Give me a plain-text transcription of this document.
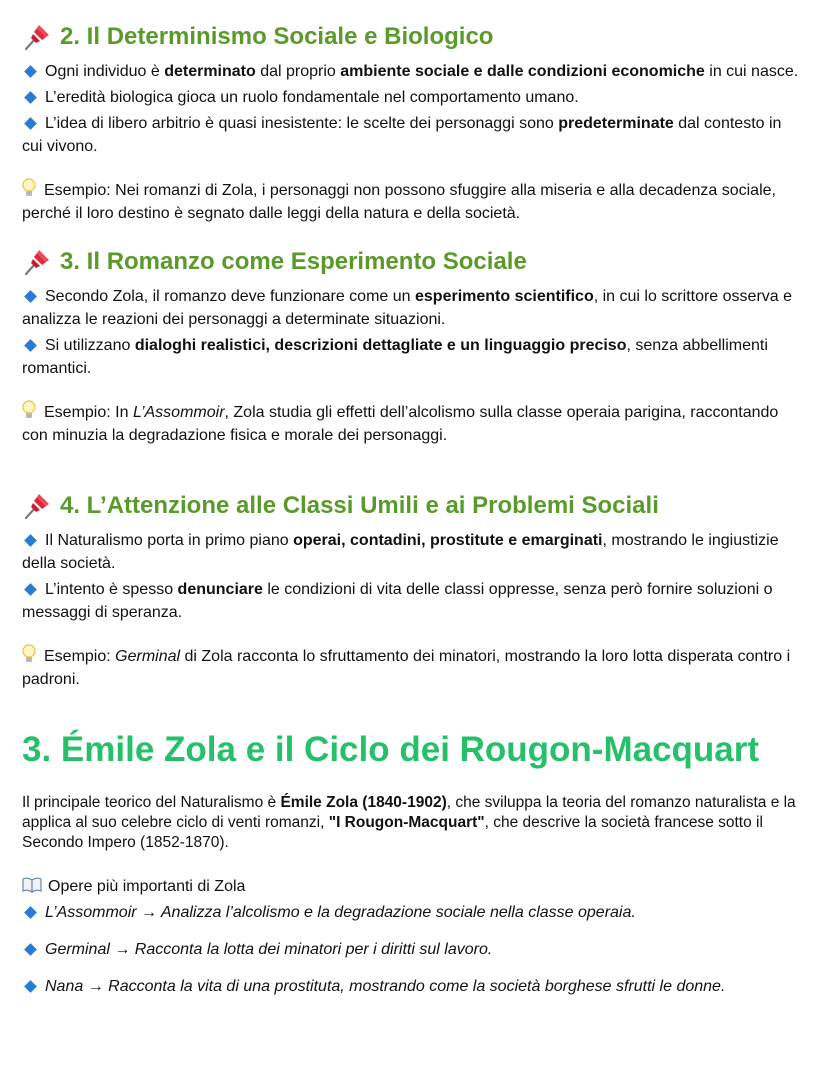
2. Il Determinismo Sociale e Biologico

Ogni individuo è determinato dal proprio ambiente sociale e dalle condizioni economiche in cui nasce.

L’eredità biologica gioca un ruolo fondamentale nel comportamento umano.

L’idea di libero arbitrio è quasi inesistente: le scelte dei personaggi sono predeterminate dal contesto in cui vivono.

Esempio: Nei romanzi di Zola, i personaggi non possono sfuggire alla miseria e alla decadenza sociale, perché il loro destino è segnato dalle leggi della natura e della società.

3. Il Romanzo come Esperimento Sociale

Secondo Zola, il romanzo deve funzionare come un esperimento scientifico, in cui lo scrittore osserva e analizza le reazioni dei personaggi a determinate situazioni.

Si utilizzano dialoghi realistici, descrizioni dettagliate e un linguaggio preciso, senza abbellimenti romantici.

Esempio: In L’Assommoir, Zola studia gli effetti dell’alcolismo sulla classe operaia parigina, raccontando con minuzia la degradazione fisica e morale dei personaggi.

4. L’Attenzione alle Classi Umili e ai Problemi Sociali

Il Naturalismo porta in primo piano operai, contadini, prostitute e emarginati, mostrando le ingiustizie della società.

L’intento è spesso denunciare le condizioni di vita delle classi oppresse, senza però fornire soluzioni o messaggi di speranza.

Esempio: Germinal di Zola racconta lo sfruttamento dei minatori, mostrando la loro lotta disperata contro i padroni.

3. Émile Zola e il Ciclo dei Rougon-Macquart

Il principale teorico del Naturalismo è Émile Zola (1840-1902), che sviluppa la teoria del romanzo naturalista e la applica al suo celebre ciclo di venti romanzi, "I Rougon-Macquart", che descrive la società francese sotto il Secondo Impero (1852-1870).

Opere più importanti di Zola

L’Assommoir → Analizza l’alcolismo e la degradazione sociale nella classe operaia.
Germinal → Racconta la lotta dei minatori per i diritti sul lavoro.
Nana → Racconta la vita di una prostituta, mostrando come la società borghese sfrutti le donne.
